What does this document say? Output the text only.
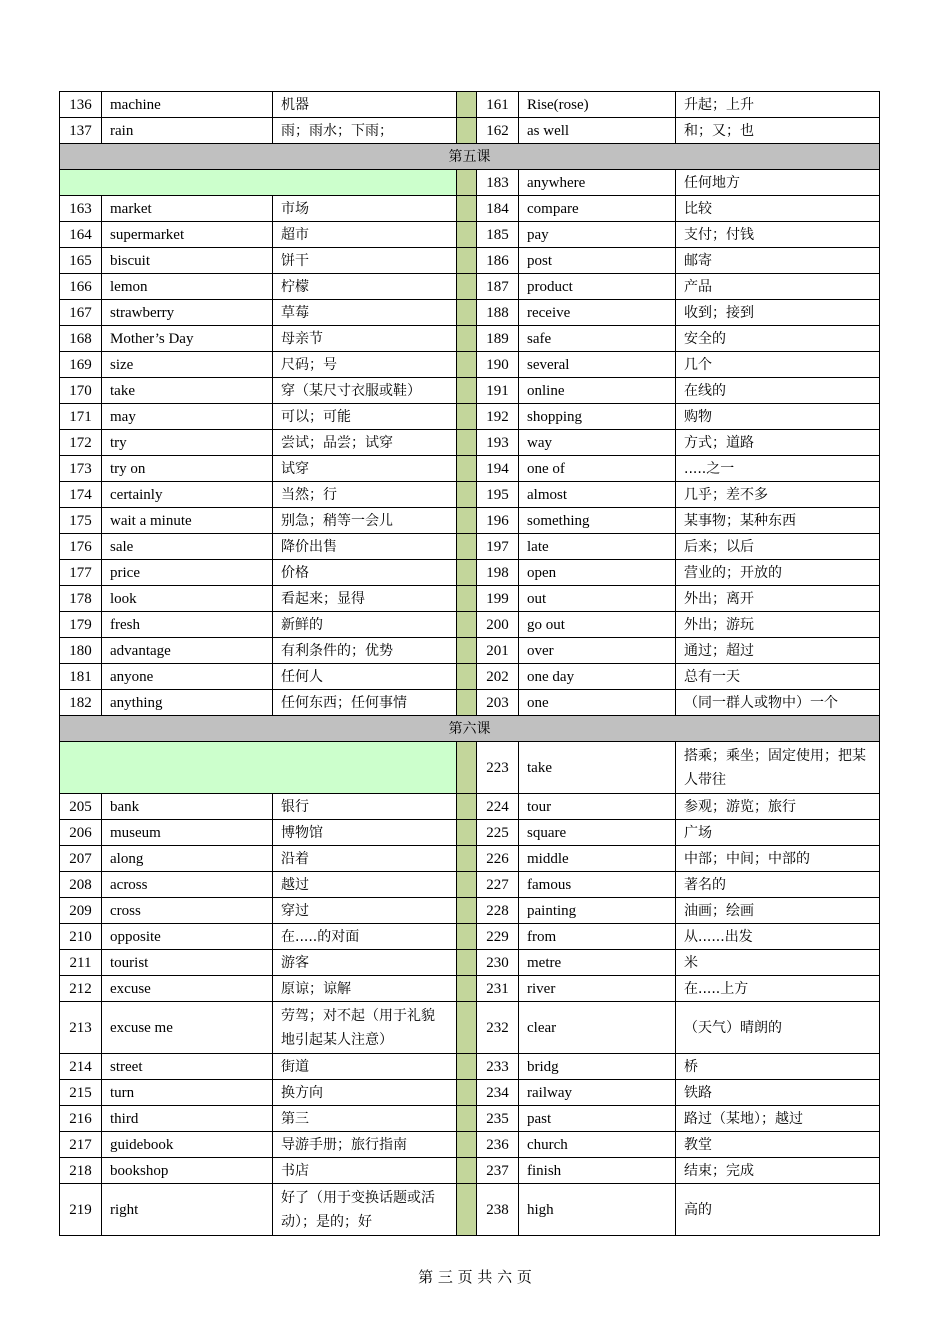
136	machine	机器		161	Rise(rose)	升起；上升
137	rain	雨；雨水；下雨；		162	as well	和；又；也
第五课						
				183	anywhere	任何地方
163	market	市场		184	compare	比较
164	supermarket	超市		185	pay	支付；付钱
165	biscuit	饼干		186	post	邮寄
166	lemon	柠檬		187	product	产品
167	strawberry	草莓		188	receive	收到；接到
168	Mother’s Day	母亲节		189	safe	安全的
169	size	尺码；号		190	several	几个
170	take	穿（某尺寸衣服或鞋）		191	online	在线的
171	may	可以；可能		192	shopping	购物
172	try	尝试；品尝；试穿		193	way	方式；道路
173	try on	试穿		194	one of	.....之一
174	certainly	当然；行		195	almost	几乎；差不多
175	wait a minute	别急；稍等一会儿		196	something	某事物；某种东西
176	sale	降价出售		197	late	后来；以后
177	price	价格		198	open	营业的；开放的
178	look	看起来；显得		199	out	外出；离开
179	fresh	新鲜的		200	go out	外出；游玩
180	advantage	有利条件的；优势		201	over	通过；超过
181	anyone	任何人		202	one day	总有一天
182	anything	任何东西；任何事情		203	one	（同一群人或物中）一个
第六课						
				223	take	搭乘；乘坐；固定使用；把某人带往
205	bank	银行		224	tour	参观；游览；旅行
206	museum	博物馆		225	square	广场
207	along	沿着		226	middle	中部；中间；中部的
208	across	越过		227	famous	著名的
209	cross	穿过		228	painting	油画；绘画
210	opposite	在.....的对面		229	from	从......出发
211	tourist	游客		230	metre	米
212	excuse	原谅；谅解		231	river	在.....上方
213	excuse me	劳驾；对不起（用于礼貌地引起某人注意）		232	clear	（天气）晴朗的
214	street	街道		233	bridg	桥
215	turn	换方向		234	railway	铁路
216	third	第三		235	past	路过（某地）；越过
217	guidebook	导游手册；旅行指南		236	church	教堂
218	bookshop	书店		237	finish	结束；完成
219	right	好了（用于变换话题或活动）；是的；好		238	high	高的
第 三 页 共 六 页
